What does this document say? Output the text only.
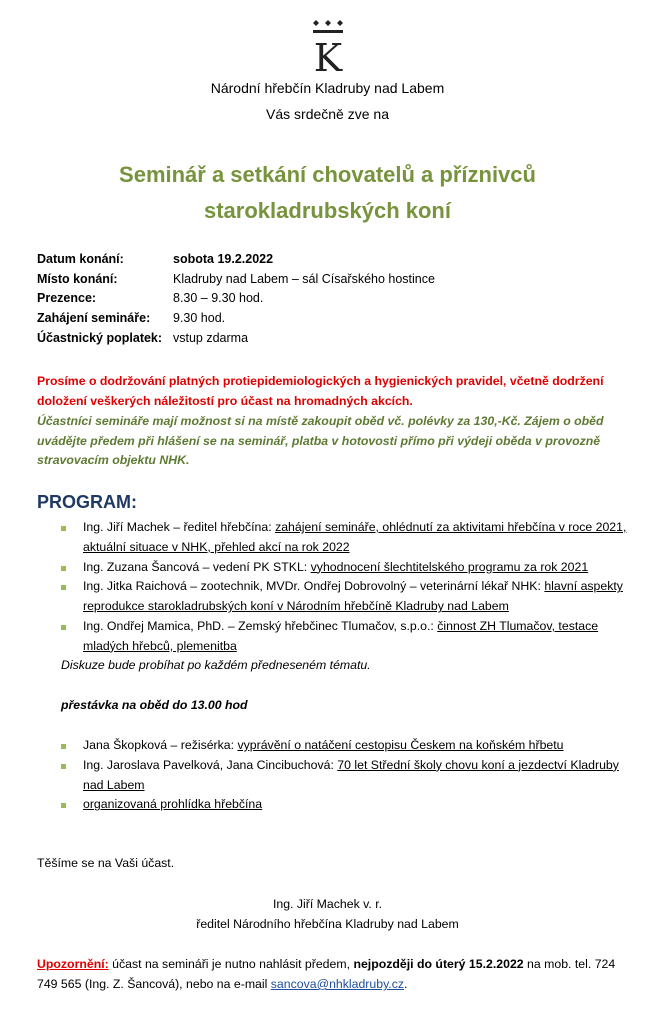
K
Národní hřebčín Kladruby nad Labem
Vás srdečně zve na
Seminář a setkání chovatelů a příznivců
starokladrubských koní
Datum konání:	sobota 19.2.2022
Místo konání:	Kladruby nad Labem – sál Císařského hostince
Prezence:	8.30 – 9.30 hod.
Zahájení semináře: 9.30 hod.
Účastnický poplatek: vstup zdarma
Prosíme o dodržování platných protiepidemiologických a hygienických pravidel, včetně dodržení doložení veškerých náležitostí pro účast na hromadných akcích.
Účastníci semináře mají možnost si na místě zakoupit oběd vč. polévky za 130,-Kč. Zájem o oběd uvádějte předem při hlášení se na seminář, platba v hotovosti přímo při výdeji oběda v provozně stravovacím objektu NHK.
PROGRAM:
Ing. Jiří Machek – ředitel hřebčína: zahájení semináře, ohlédnutí za aktivitami hřebčína v roce 2021, aktuální situace v NHK, přehled akcí na rok 2022
Ing. Zuzana Šancová – vedení PK STKL: vyhodnocení šlechtitelského programu za rok 2021
Ing. Jitka Raichová – zootechnik, MVDr. Ondřej Dobrovolný – veterinární lékař NHK: hlavní aspekty reprodukce starokladrubských koní v Národním hřebčíně Kladruby nad Labem
Ing. Ondřej Mamica, PhD. – Zemský hřebčinec Tlumačov, s.p.o.: činnost ZH Tlumačov, testace mladých hřebců, plemenitba
Diskuze bude probíhat po každém předneseném tématu.
přestávka na oběd do 13.00 hod
Jana Škopková – režisérka: vyprávění o natáčení cestopisu Českem na koňském hřbetu
Ing. Jaroslava Pavelková, Jana Cincibuchová: 70 let Střední školy chovu koní a jezdectví Kladruby nad Labem
organizovaná prohlídka hřebčína
Těšíme se na Vaši účast.
Ing. Jiří Machek v. r.
ředitel Národního hřebčína Kladruby nad Labem
Upozornění: účast na semináři je nutno nahlásit předem, nejpozději do úterý 15.2.2022 na mob. tel. 724 749 565 (Ing. Z. Šancová), nebo na e-mail sancova@nhkladruby.cz.
